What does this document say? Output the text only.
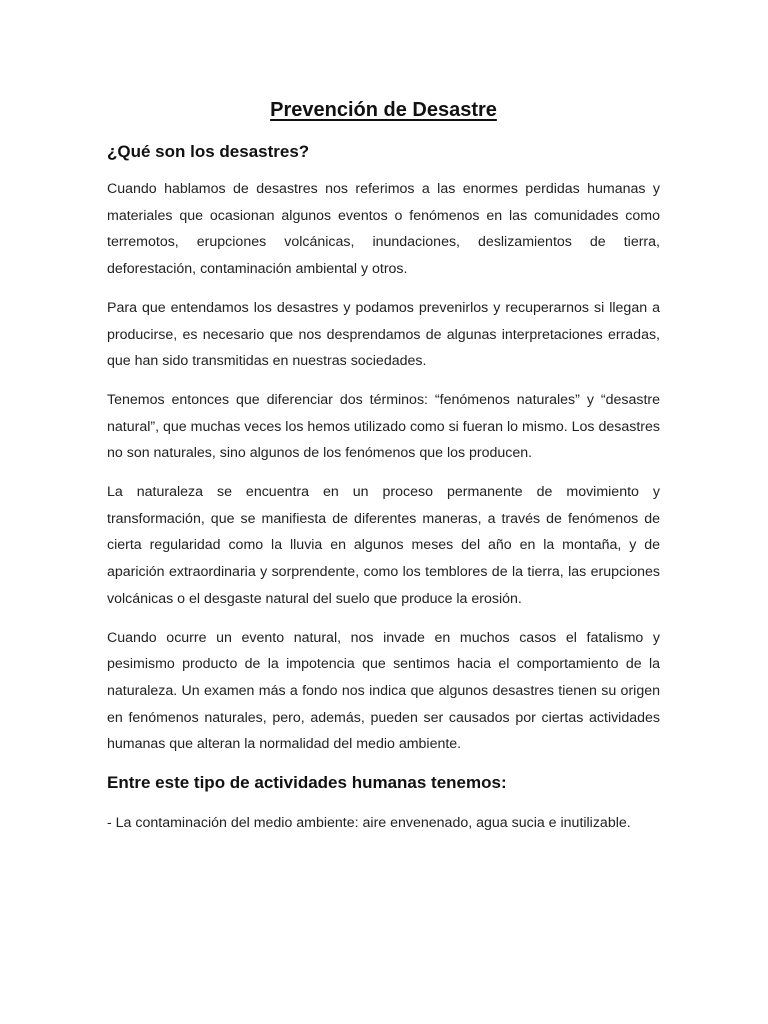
Prevención de Desastre
¿Qué son los desastres?

Cuando hablamos de desastres nos referimos a las enormes perdidas humanas y materiales que ocasionan algunos eventos o fenómenos en las comunidades como terremotos, erupciones volcánicas, inundaciones, deslizamientos de tierra, deforestación, contaminación ambiental y otros.

Para que entendamos los desastres y podamos prevenirlos y recuperarnos si llegan a producirse, es necesario que nos desprendamos de algunas interpretaciones erradas, que han sido transmitidas en nuestras sociedades.

Tenemos entonces que diferenciar dos términos: “fenómenos naturales” y “desastre natural”, que muchas veces los hemos utilizado como si fueran lo mismo. Los desastres no son naturales, sino algunos de los fenómenos que los producen.

La naturaleza se encuentra en un proceso permanente de movimiento y transformación, que se manifiesta de diferentes maneras, a través de fenómenos de cierta regularidad como la lluvia en algunos meses del año en la montaña, y de aparición extraordinaria y sorprendente, como los temblores de la tierra, las erupciones volcánicas o el desgaste natural del suelo que produce la erosión.

Cuando ocurre un evento natural, nos invade en muchos casos el fatalismo y pesimismo producto de la impotencia que sentimos hacia el comportamiento de la naturaleza. Un examen más a fondo nos indica que algunos desastres tienen su origen en fenómenos naturales, pero, además, pueden ser causados por ciertas actividades humanas que alteran la normalidad del medio ambiente.

Entre este tipo de actividades humanas tenemos:

- La contaminación del medio ambiente: aire envenenado, agua sucia e inutilizable.
